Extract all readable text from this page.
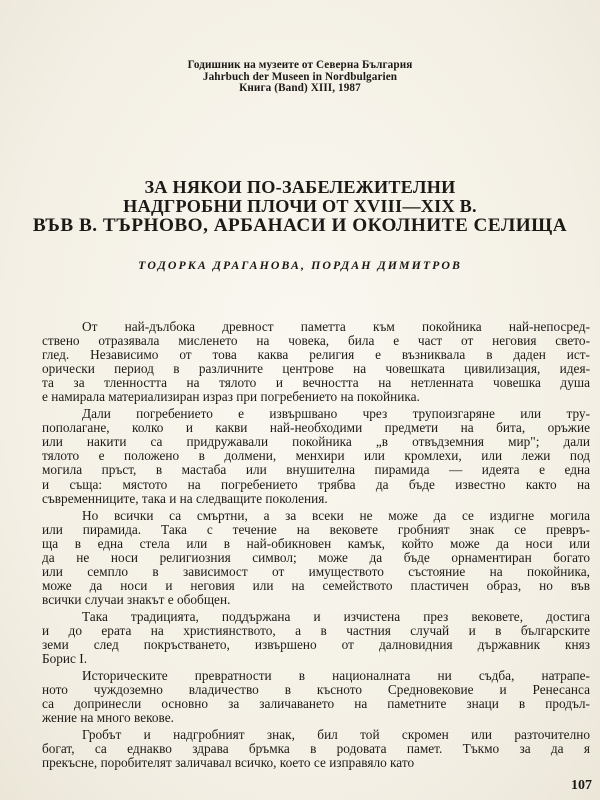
Годишник на музеите от Северна България
Jahrbuch der Museen in Nordbulgarien
Книга (Band) XIII, 1987
ЗА НЯКОИ ПО-ЗАБЕЛЕЖИТЕЛНИ
НАДГРОБНИ ПЛОЧИ ОТ XVIII—XIX В.
ВЪВ В. ТЪРНОВО, АРБАНАСИ И ОКОЛНИТЕ СЕЛИЩА
ТОДОРКА ДРАГАНОВА, ПОРДАН ДИМИТРОВ

От най-дълбока древност паметта към покойника най-непосред-
ствено отразявала мисленето на човека, била е част от неговия свето-
глед. Независимо от това каква религия е възниквала в даден ист-
орически период в различните центрове на човешката цивилизация, идея-
та за тленността на тялото и вечността на нетленната човешка душа
е намирала материализиран израз при погребението на покойника.

Дали погребението е извършвано чрез трупоизгаряне или тру-
пополагане, колко и какви най-необходими предмети на бита, оръжие
или накити са придружавали покойника „в отвъдземния мир"; дали
тялото е положено в долмени, менхири или кромлехи, или лежи под
могила пръст, в мастаба или внушителна пирамида — идеята е една
и съща: мястото на погребението трябва да бъде известно както на
съвременниците, така и на следващите поколения.

Но всички са смъртни, а за всеки не може да се издигне могила
или пирамида. Така с течение на вековете гробният знак се превръ-
ща в една стела или в най-обикновен камък, който може да носи или
да не носи религиозния символ; може да бъде орнаментиран богато
или семпло в зависимост от имуществото състояние на покойника,
може да носи и неговия или на семейството пластичен образ, но във
всички случаи знакът е обобщен.

Така традицията, поддържана и изчистена през вековете, достига
и до ерата на християнството, а в частния случай и в българските
земи след покръстването, извършено от далновидния държавник княз
Борис I.

Историческите превратности в националната ни съдба, натрапе-
ното чуждоземно владичество в късното Средновековие и Ренесанса
са допринесли основно за заличаването на паметните знаци в продъл-
жение на много векове.

Гробът и надгробният знак, бил той скромен или разточително
богат, са еднакво здрава бръмка в родовата памет. Тъкмо за да я
прекъсне, поробителят заличавал всичко, което се изправяло като

107
